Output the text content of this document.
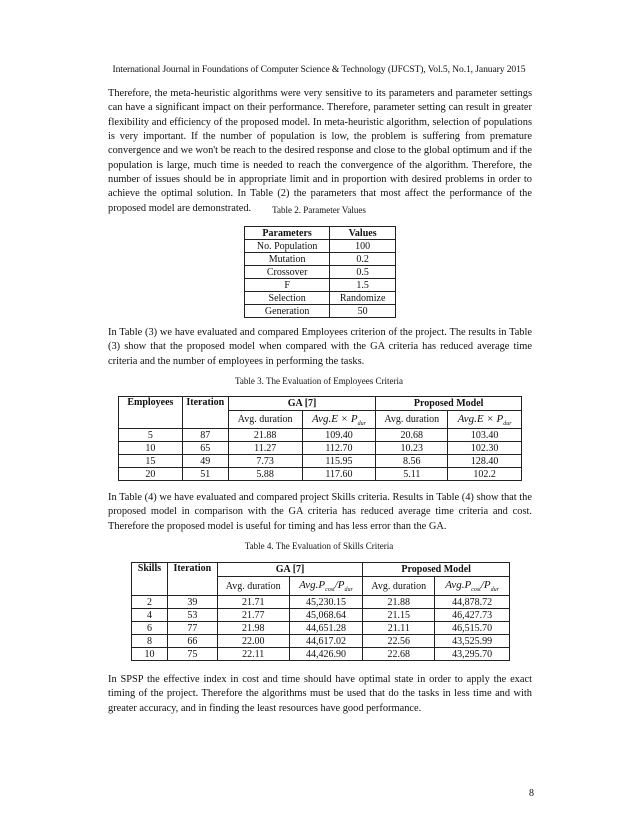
International Journal in Foundations of Computer Science & Technology (IJFCST), Vol.5, No.1, January 2015

Therefore, the meta-heuristic algorithms were very sensitive to its parameters and parameter settings can have a significant impact on their performance. Therefore, parameter setting can result in greater flexibility and efficiency of the proposed model. In meta-heuristic algorithm, selection of populations is very important. If the number of population is low, the problem is suffering from premature convergence and we won't be reach to the desired response and close to the global optimum and if the population is large, much time is needed to reach the convergence of the algorithm. Therefore, the number of issues should be in appropriate limit and in proportion with desired problems in order to achieve the optimal solution. In Table (2) the parameters that most affect the performance of the proposed model are demonstrated.	Table 2. Parameter Values
Parameters	Values
No. Population	100
Mutation	0.2
Crossover	0.5
F	1.5
Selection	Randomize
Generation	50

In Table (3) we have evaluated and compared Employees criterion of the project. The results in Table (3) show that the proposed model when compared with the GA criteria has reduced average time criteria and the number of employees in performing the tasks.

Table 3. The Evaluation of Employees Criteria
Employees	Iteration	GA [7]		Proposed Model	
		Avg. duration	$Avg.E \times P_{dur}$	Avg. duration	$Avg.E \times P_{dur}$
5	87	21.88	109.40	20.68	103.40
10	65	11.27	112.70	10.23	102.30
15	49	7.73	115.95	8.56	128.40
20	51	5.88	117.60	5.11	102.2

In Table (4) we have evaluated and compared project Skills criteria. Results in Table (4) show that the proposed model in comparison with the GA criteria has reduced average time criteria and cost. Therefore the proposed model is useful for timing and has less error than the GA.

Table 4. The Evaluation of Skills Criteria
Skills	Iteration	GA [7]		Proposed Model	
		Avg. duration	$Avg.P_{cost}/P_{dur}$	Avg. duration	$Avg.P_{cost}/P_{dur}$
2	39	21.71	45,230.15	21.88	44,878.72
4	53	21.77	45,068.64	21.15	46,427.73
6	77	21.98	44,651.28	21.11	46,515.70
8	66	22.00	44,617.02	22.56	43,525.99
10	75	22.11	44,426.90	22.68	43,295.70

In SPSP the effective index in cost and time should have optimal state in order to apply the exact timing of the project. Therefore the algorithms must be used that do the tasks in less time and with greater accuracy, and in finding the least resources have good performance.

8
